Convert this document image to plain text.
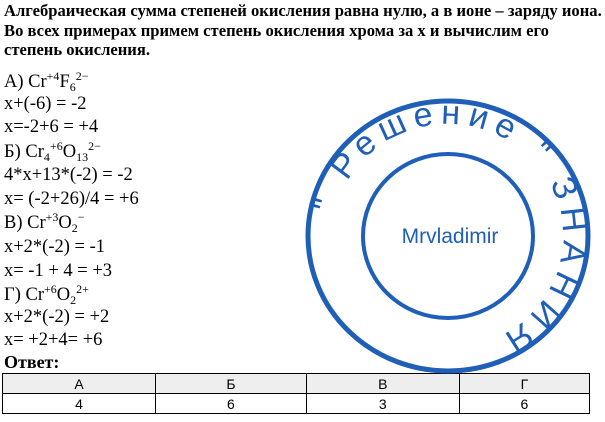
Алгебраическая сумма степеней окисления равна нулю, а в ионе – заряду иона. Во всех примерах примем степень окисления хрома за х и вычислим его степень окисления.
А) $Cr^{+4}F_6^{2-}$
х+(-6) = -2
х=-2+6 = +4
Б) $Cr_4^{+6}O_{13}^{2-}$
4*х+13*(-2) = -2
х= (-2+26)/4 = +6
В) $Cr^{+3}O_2^-$
х+2*(-2) = -1
х= -1 + 4 = +3
Г) $Cr^{+6}O_2^{2+}$
х+2*(-2) = +2
х= +2+4= +6
Ответ:
А	Б	В	Г
4	6	3	6
" Решение " ЗНАНИЯ
Mrvladimir
